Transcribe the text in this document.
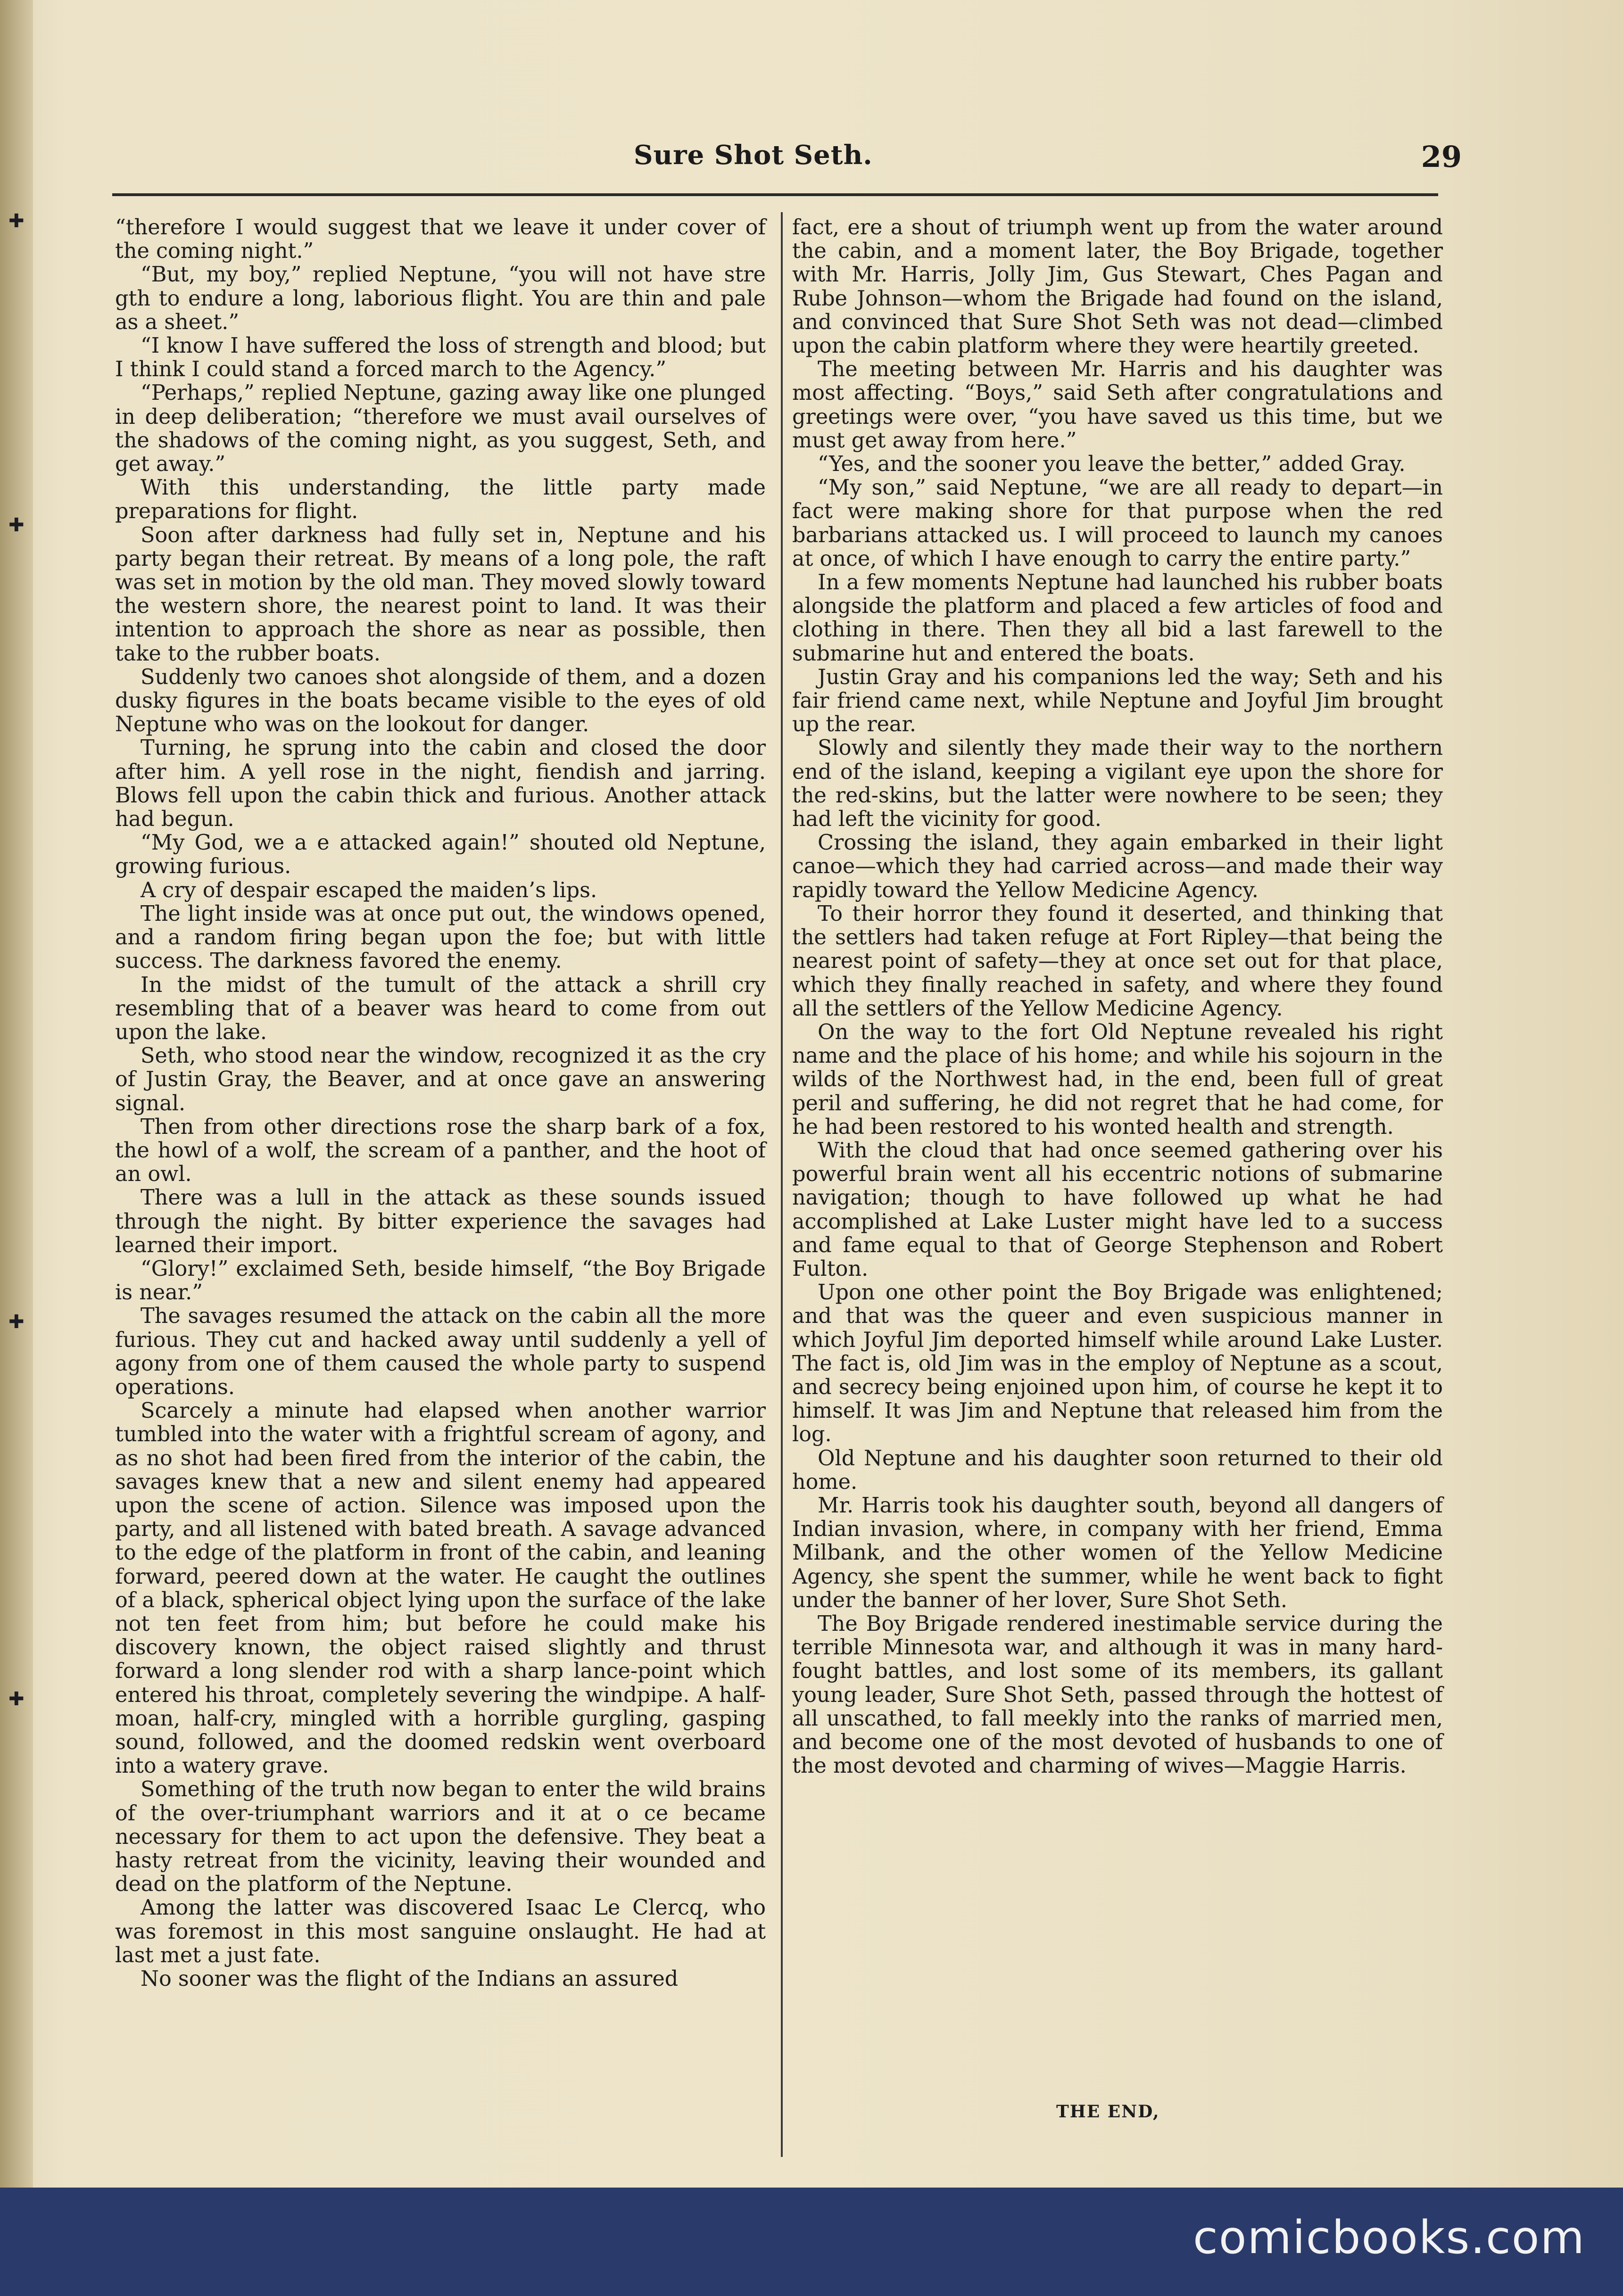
✚
✚
✚
✚
Sure Shot Seth.	29

“therefore I would suggest that we leave it under cover of the coming night.”

“But, my boy,” replied Neptune, “you will not have stre gth to endure a long, laborious flight. You are thin and pale as a sheet.”

“I know I have suffered the loss of strength and blood; but I think I could stand a forced march to the Agency.”

“Perhaps,” replied Neptune, gazing away like one plunged in deep deliberation; “therefore we must avail ourselves of the shadows of the coming night, as you suggest, Seth, and get away.”

With this understanding, the little party made preparations for flight.

Soon after darkness had fully set in, Neptune and his party began their retreat. By means of a long pole, the raft was set in motion by the old man. They moved slowly toward the western shore, the nearest point to land. It was their intention to approach the shore as near as possible, then take to the rubber boats.

Suddenly two canoes shot alongside of them, and a dozen dusky figures in the boats became visible to the eyes of old Neptune who was on the lookout for danger.

Turning, he sprung into the cabin and closed the door after him. A yell rose in the night, fiendish and jarring. Blows fell upon the cabin thick and furious. Another attack had begun.

“My God, we a e attacked again!” shouted old Neptune, growing furious.

A cry of despair escaped the maiden’s lips.

The light inside was at once put out, the windows opened, and a random firing began upon the foe; but with little success. The darkness favored the enemy.

In the midst of the tumult of the attack a shrill cry resembling that of a beaver was heard to come from out upon the lake.

Seth, who stood near the window, recognized it as the cry of Justin Gray, the Beaver, and at once gave an answering signal.

Then from other directions rose the sharp bark of a fox, the howl of a wolf, the scream of a panther, and the hoot of an owl.

There was a lull in the attack as these sounds issued through the night. By bitter experience the savages had learned their import.

“Glory!” exclaimed Seth, beside himself, “the Boy Brigade is near.”

The savages resumed the attack on the cabin all the more furious. They cut and hacked away until suddenly a yell of agony from one of them caused the whole party to suspend operations.

Scarcely a minute had elapsed when another warrior tumbled into the water with a frightful scream of agony, and as no shot had been fired from the interior of the cabin, the savages knew that a new and silent enemy had appeared upon the scene of action. Silence was imposed upon the party, and all listened with bated breath. A savage advanced to the edge of the platform in front of the cabin, and leaning forward, peered down at the water. He caught the outlines of a black, spherical object lying upon the surface of the lake not ten feet from him; but before he could make his discovery known, the object raised slightly and thrust forward a long slender rod with a sharp lance-point which entered his throat, completely severing the windpipe. A half-moan, half-cry, mingled with a horrible gurgling, gasping sound, followed, and the doomed redskin went overboard into a watery grave.

Something of the truth now began to enter the wild brains of the over-triumphant warriors and it at o ce became necessary for them to act upon the defensive. They beat a hasty retreat from the vicinity, leaving their wounded and dead on the platform of the Neptune.

Among the latter was discovered Isaac Le Clercq, who was foremost in this most sanguine onslaught. He had at last met a just fate.

No sooner was the flight of the Indians an assured

fact, ere a shout of triumph went up from the water around the cabin, and a moment later, the Boy Brigade, together with Mr. Harris, Jolly Jim, Gus Stewart, Ches Pagan and Rube Johnson—whom the Brigade had found on the island, and convinced that Sure Shot Seth was not dead—climbed upon the cabin platform where they were heartily greeted.

The meeting between Mr. Harris and his daughter was most affecting. “Boys,” said Seth after congratulations and greetings were over, “you have saved us this time, but we must get away from here.”

“Yes, and the sooner you leave the better,” added Gray.

“My son,” said Neptune, “we are all ready to depart—in fact were making shore for that purpose when the red barbarians attacked us. I will proceed to launch my canoes at once, of which I have enough to carry the entire party.”

In a few moments Neptune had launched his rubber boats alongside the platform and placed a few articles of food and clothing in there. Then they all bid a last farewell to the submarine hut and entered the boats.

Justin Gray and his companions led the way; Seth and his fair friend came next, while Neptune and Joyful Jim brought up the rear.

Slowly and silently they made their way to the northern end of the island, keeping a vigilant eye upon the shore for the red-skins, but the latter were nowhere to be seen; they had left the vicinity for good.

Crossing the island, they again embarked in their light canoe—which they had carried across—and made their way rapidly toward the Yellow Medicine Agency.

To their horror they found it deserted, and thinking that the settlers had taken refuge at Fort Ripley—that being the nearest point of safety—they at once set out for that place, which they finally reached in safety, and where they found all the settlers of the Yellow Medicine Agency.

On the way to the fort Old Neptune revealed his right name and the place of his home; and while his sojourn in the wilds of the Northwest had, in the end, been full of great peril and suffering, he did not regret that he had come, for he had been restored to his wonted health and strength.

With the cloud that had once seemed gathering over his powerful brain went all his eccentric notions of submarine navigation; though to have followed up what he had accomplished at Lake Luster might have led to a success and fame equal to that of George Stephenson and Robert Fulton.

Upon one other point the Boy Brigade was enlightened; and that was the queer and even suspicious manner in which Joyful Jim deported himself while around Lake Luster. The fact is, old Jim was in the employ of Neptune as a scout, and secrecy being enjoined upon him, of course he kept it to himself. It was Jim and Neptune that released him from the log.

Old Neptune and his daughter soon returned to their old home.

Mr. Harris took his daughter south, beyond all dangers of Indian invasion, where, in company with her friend, Emma Milbank, and the other women of the Yellow Medicine Agency, she spent the summer, while he went back to fight under the banner of her lover, Sure Shot Seth.

The Boy Brigade rendered inestimable service during the terrible Minnesota war, and although it was in many hard-fought battles, and lost some of its members, its gallant young leader, Sure Shot Seth, passed through the hottest of all unscathed, to fall meekly into the ranks of married men, and become one of the most devoted of husbands to one of the most devoted and charming of wives—Maggie Harris.

THE END,
comicbooks.com
